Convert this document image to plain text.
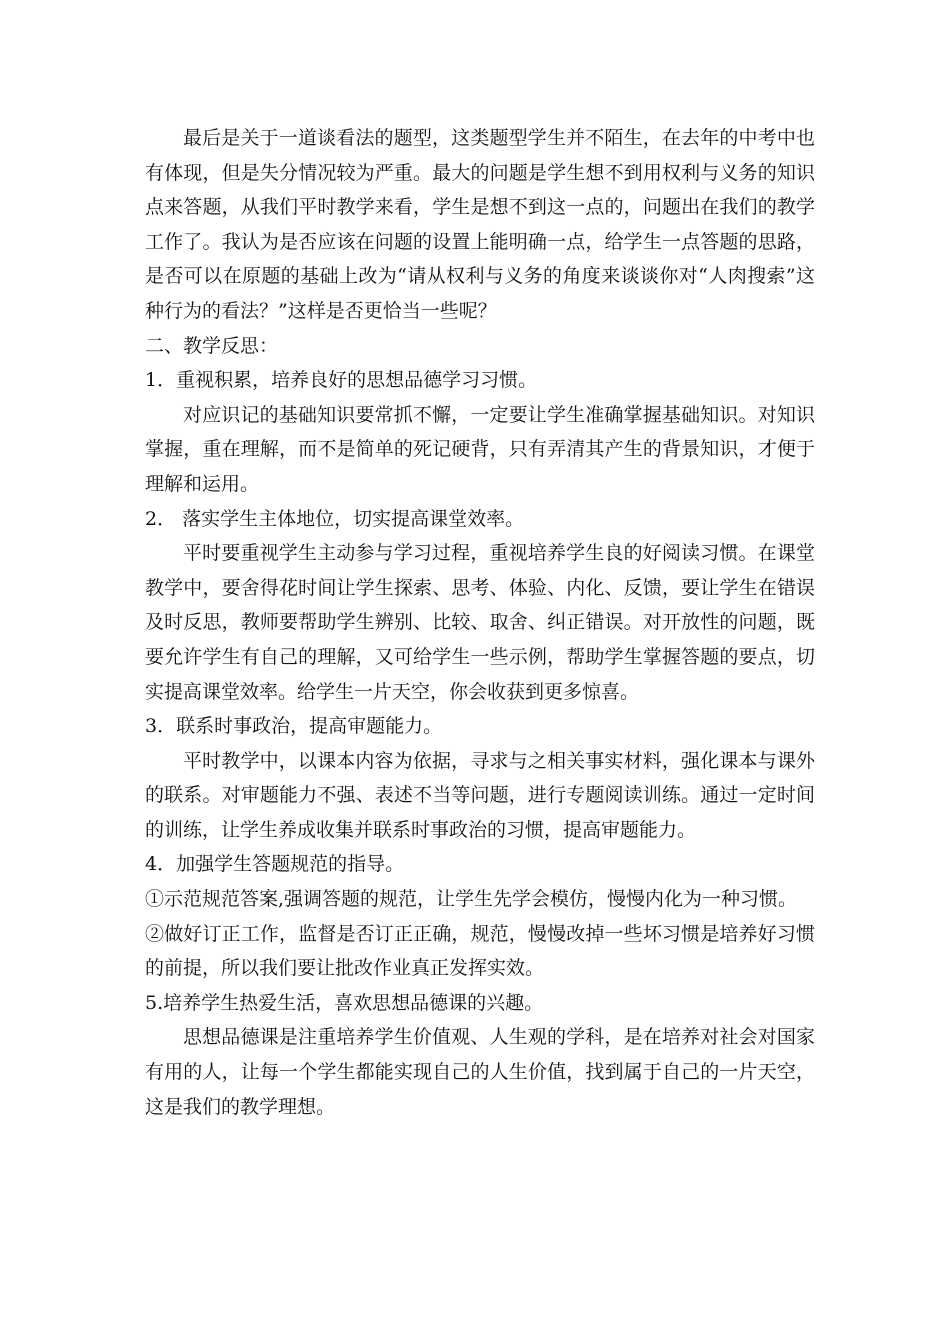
最后是关于一道谈看法的题型，这类题型学生并不陌生，在去年的中考中也有体现，但是失分情况较为严重。最大的问题是学生想不到用权利与义务的知识点来答题，从我们平时教学来看，学生是想不到这一点的，问题出在我们的教学工作了。我认为是否应该在问题的设置上能明确一点，给学生一点答题的思路，是否可以在原题的基础上改为“请从权利与义务的角度来谈谈你对“人肉搜索”这种行为的看法？”这样是否更恰当一些呢？

二、教学反思：

1．重视积累，培养良好的思想品德学习习惯。

对应识记的基础知识要常抓不懈，一定要让学生准确掌握基础知识。对知识掌握，重在理解，而不是简单的死记硬背，只有弄清其产生的背景知识，才便于理解和运用。

2． 落实学生主体地位，切实提高课堂效率。

平时要重视学生主动参与学习过程，重视培养学生良的好阅读习惯。在课堂教学中，要舍得花时间让学生探索、思考、体验、内化、反馈，要让学生在错误及时反思，教师要帮助学生辨别、比较、取舍、纠正错误。对开放性的问题，既要允许学生有自己的理解，又可给学生一些示例，帮助学生掌握答题的要点，切实提高课堂效率。给学生一片天空，你会收获到更多惊喜。

3．联系时事政治，提高审题能力。

平时教学中，以课本内容为依据，寻求与之相关事实材料，强化课本与课外的联系。对审题能力不强、表述不当等问题，进行专题阅读训练。通过一定时间的训练，让学生养成收集并联系时事政治的习惯，提高审题能力。

4．加强学生答题规范的指导。

①示范规范答案,强调答题的规范，让学生先学会模仿，慢慢内化为一种习惯。

②做好订正工作，监督是否订正正确，规范，慢慢改掉一些坏习惯是培养好习惯的前提，所以我们要让批改作业真正发挥实效。

5.培养学生热爱生活，喜欢思想品德课的兴趣。

思想品德课是注重培养学生价值观、人生观的学科，是在培养对社会对国家有用的人，让每一个学生都能实现自己的人生价值，找到属于自己的一片天空，这是我们的教学理想。
